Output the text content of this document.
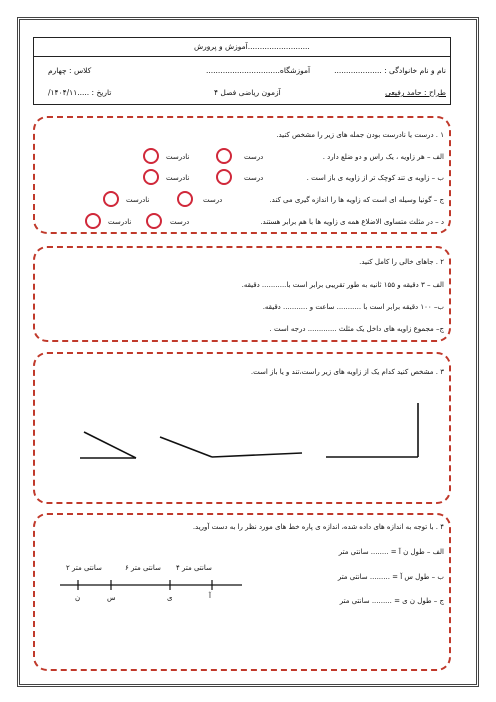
آموزش و پرورش..........................
نام و نام خانوادگی : ....................
آموزشگاه...............................
کلاس : چهارم
طراح : حامد رفیعی
آزمون ریاضی فصل ۴
تاریخ : .....۱۴۰۴/۱۱/
۱ . درست یا نادرست بودن جمله های زیر را مشخص کنید.
الف – هر زاویه ، یک راس و دو ضلع دارد .
ب – زاویه ی تند کوچک تر از زاویه ی باز است .
ج – گونیا وسیله ای است که زاویه ها را اندازه گیری می کند.
د – در مثلث متساوی الاضلاع همه ی زاویه ها با هم برابر هستند.
درست
نادرست
درست
نادرست
درست
نادرست
درست
نادرست
۲ . جاهای خالی را کامل کنید.
الف – ۳ دقیقه و ۱۵۵ ثانیه به طور تقریبی برابر است با........... دقیقه.
ب– ۱۰۰ دقیقه برابر است با ........... ساعت و ........... دقیقه.
ج– مجموع زاویه های داخل یک مثلث ............. درجه است .
۳ . مشخص کنید کدام یک از زاویه های زیر راست،تند و یا باز است.
۴ . با توجه به اندازه های داده شده، اندازه ی پاره خط های مورد نظر را به دست آورید.
الف – طول ن آ = ........ سانتی متر
ب – طول س آ = ......... سانتی متر
ج – طول ن ی = ......... سانتی متر
۲ سانتی متر	۶ سانتی متر ۴ سانتی متر
ن	س	ی	آ
